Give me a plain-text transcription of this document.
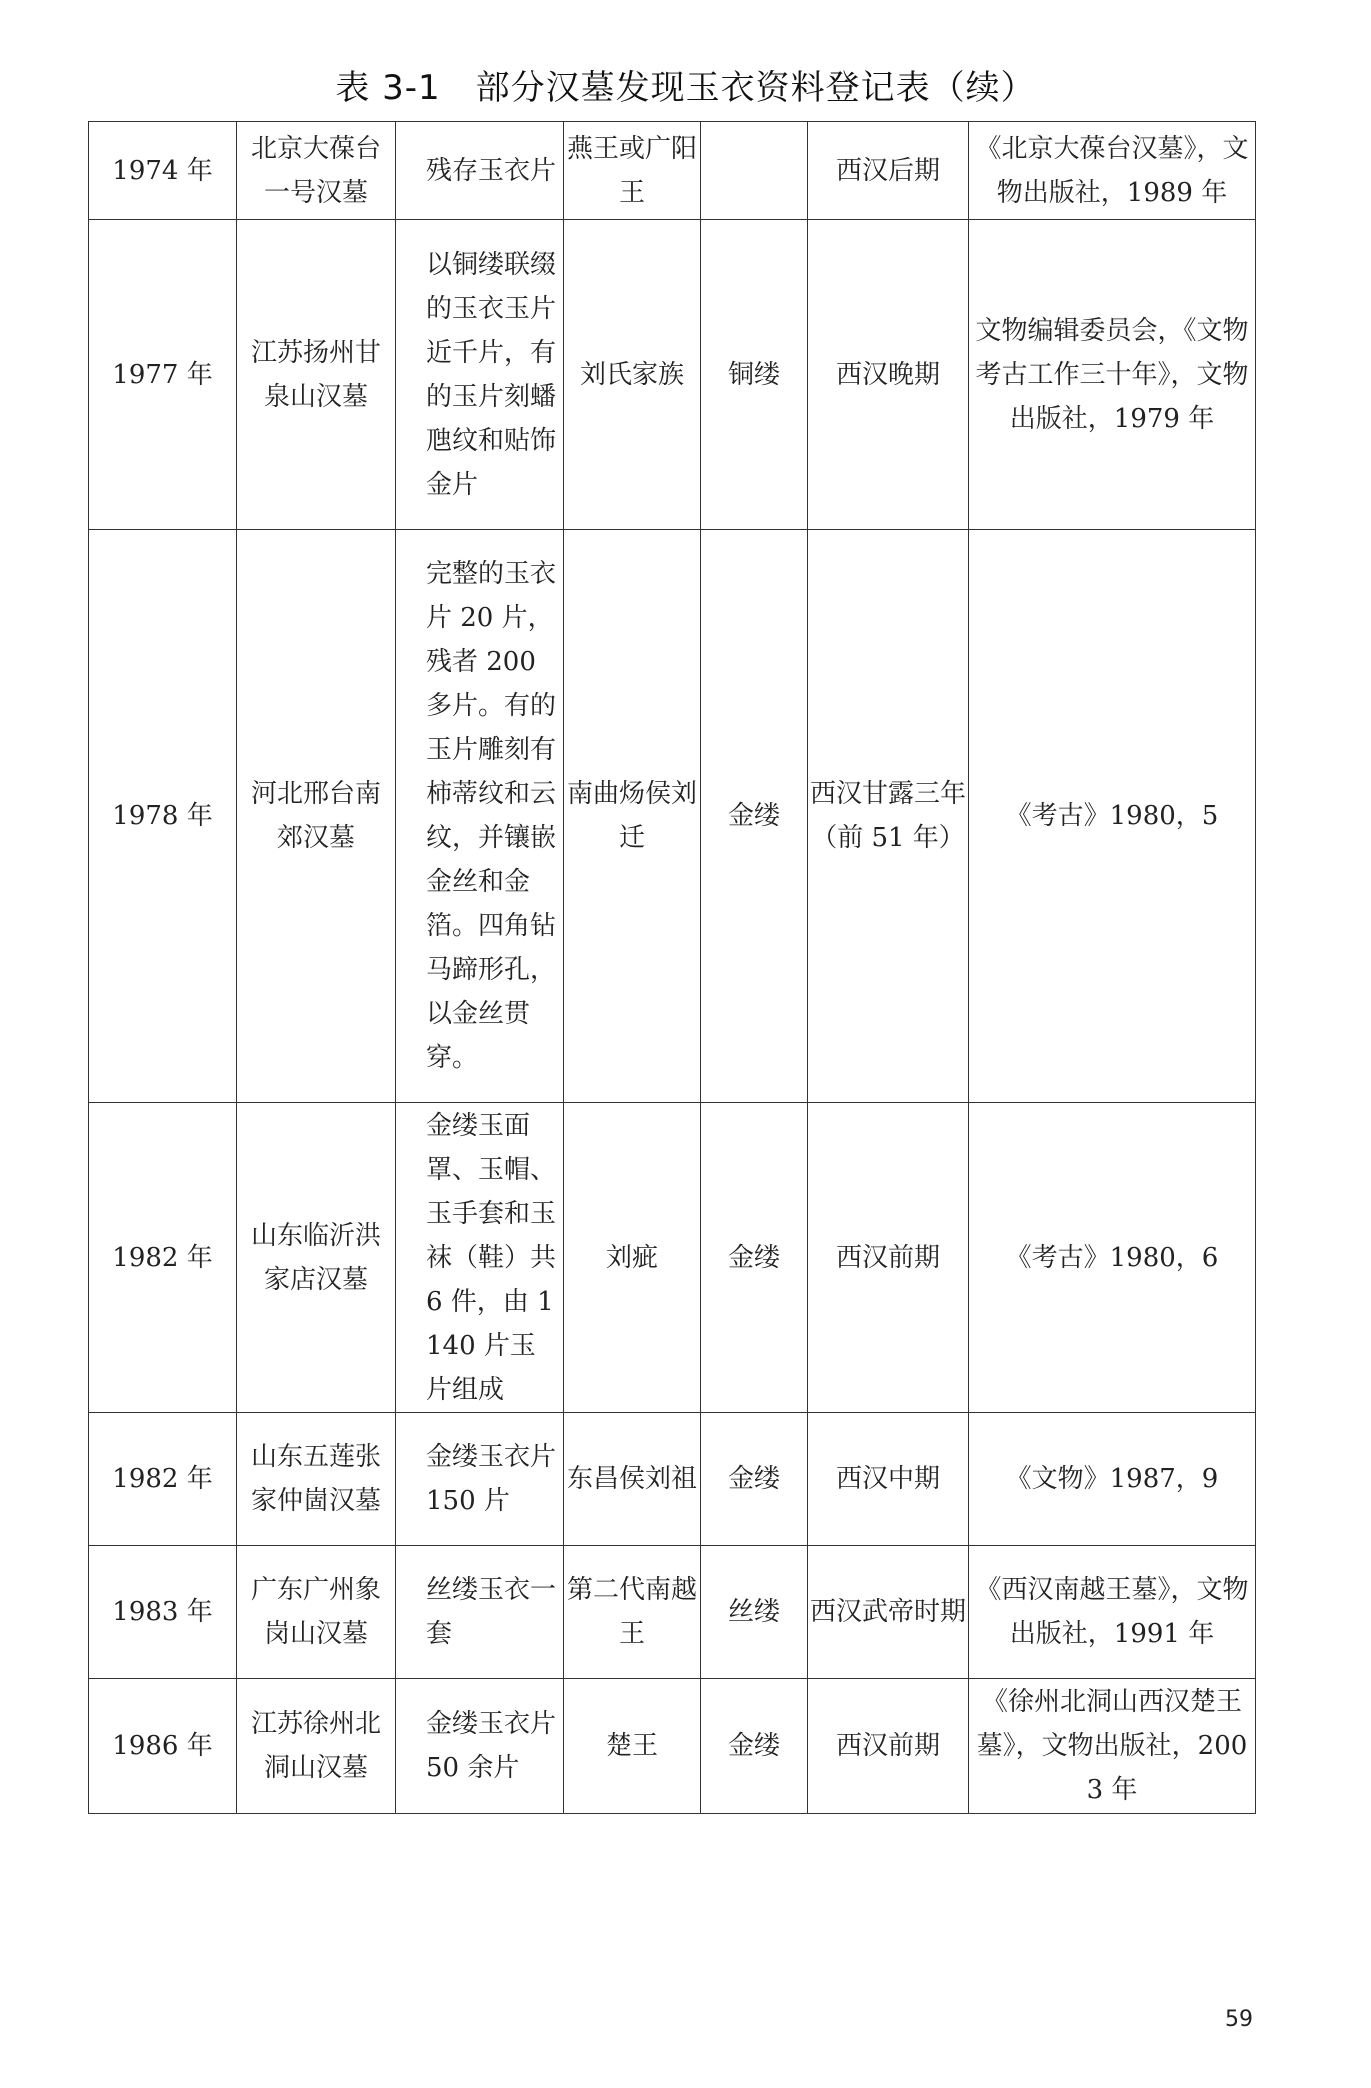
表 3-1　部分汉墓发现玉衣资料登记表（续）
1974 年	北京大葆台一号汉墓	残存玉衣片	燕王或广阳王		西汉后期	《北京大葆台汉墓》，文物出版社，1989 年
1977 年	江苏扬州甘泉山汉墓	以铜缕联缀的玉衣玉片近千片，有的玉片刻蟠虺纹和贴饰金片	刘氏家族	铜缕	西汉晚期	文物编辑委员会，《文物考古工作三十年》，文物出版社，1979 年
1978 年	河北邢台南郊汉墓	完整的玉衣片 20 片，残者 200 多片。有的玉片雕刻有柿蒂纹和云纹，并镶嵌金丝和金箔。四角钻马蹄形孔，以金丝贯穿。	南曲炀侯刘迁	金缕	西汉甘露三年（前 51 年）	《考古》1980，5
1982 年	山东临沂洪家店汉墓	金缕玉面罩、玉帽、玉手套和玉袜（鞋）共 6 件，由 1140 片玉片组成	刘疵	金缕	西汉前期	《考古》1980，6
1982 年	山东五莲张家仲崮汉墓	金缕玉衣片 150 片	东昌侯刘祖	金缕	西汉中期	《文物》1987，9
1983 年	广东广州象岗山汉墓	丝缕玉衣一套	第二代南越王	丝缕	西汉武帝时期	《西汉南越王墓》，文物出版社，1991 年
1986 年	江苏徐州北洞山汉墓	金缕玉衣片 50 余片	楚王	金缕	西汉前期	《徐州北洞山西汉楚王墓》，文物出版社，2003 年
59
